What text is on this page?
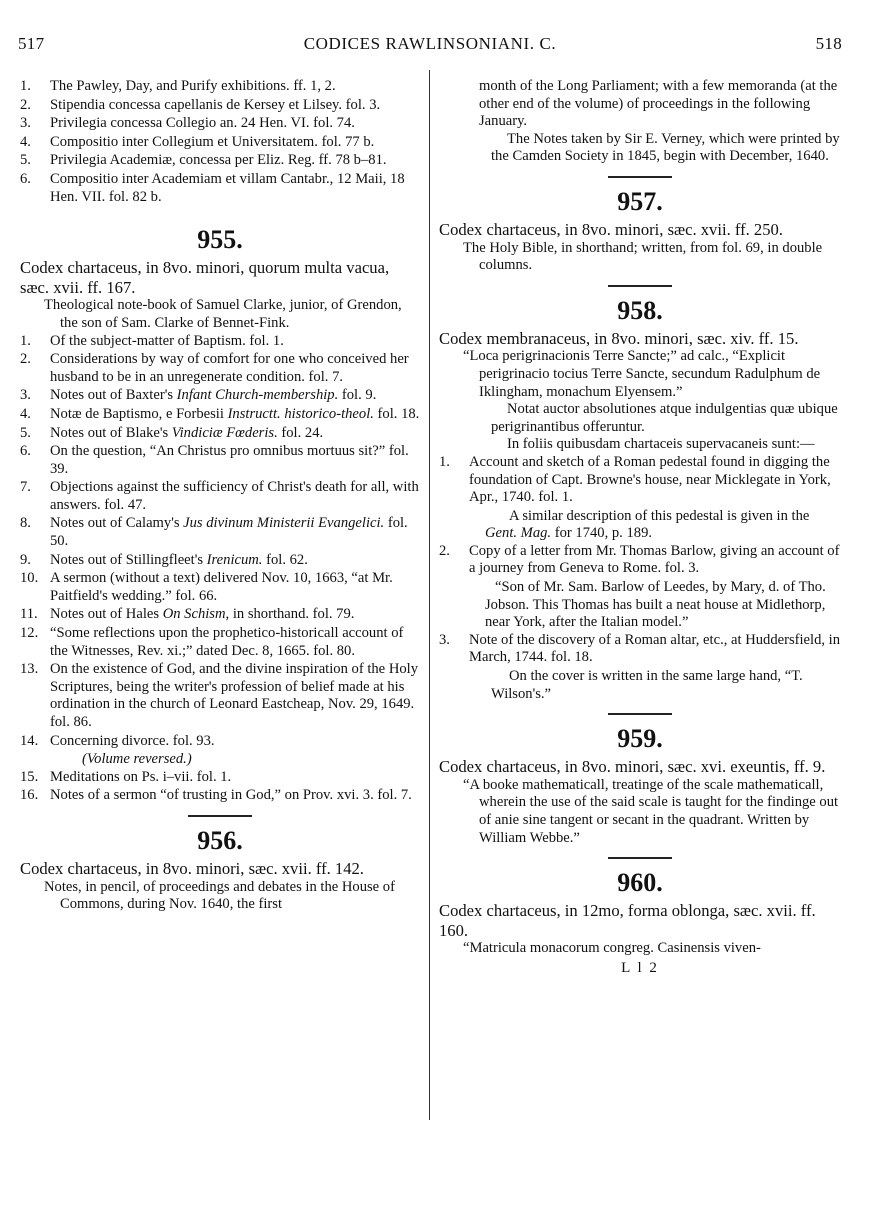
517	CODICES RAWLINSONIANI. C.	518
1.	The Pawley, Day, and Purify exhibitions. ff. 1, 2.
2.	Stipendia concessa capellanis de Kersey et Lilsey. fol. 3.
3.	Privilegia concessa Collegio an. 24 Hen. VI. fol. 74.
4.	Compositio inter Collegium et Universitatem. fol. 77 b.
5.	Privilegia Academiæ, concessa per Eliz. Reg. ff. 78 b–81.
6.	Compositio inter Academiam et villam Cantabr., 12 Maii, 18 Hen. VII. fol. 82 b.
955.
Codex chartaceus, in 8vo. minori, quorum multa vacua, sæc. xvii. ff. 167.
Theological note-book of Samuel Clarke, junior, of Grendon, the son of Sam. Clarke of Bennet-Fink.
1.	Of the subject-matter of Baptism. fol. 1.
2.	Considerations by way of comfort for one who conceived her husband to be in an unregenerate condition. fol. 7.
3.	Notes out of Baxter's Infant Church-membership. fol. 9.
4.	Notæ de Baptismo, e Forbesii Instructt. historico-theol. fol. 18.
5.	Notes out of Blake's Vindiciæ Fœderis. fol. 24.
6.	On the question, “An Christus pro omnibus mortuus sit?” fol. 39.
7.	Objections against the sufficiency of Christ's death for all, with answers. fol. 47.
8.	Notes out of Calamy's Jus divinum Ministerii Evangelici. fol. 50.
9.	Notes out of Stillingfleet's Irenicum. fol. 62.
10. A sermon (without a text) delivered Nov. 10, 1663, “at Mr. Paitfield's wedding.” fol. 66.
11. Notes out of Hales On Schism, in shorthand. fol. 79.
12. “Some reflections upon the prophetico-historicall account of the Witnesses, Rev. xi.;” dated Dec. 8, 1665. fol. 80.
13. On the existence of God, and the divine inspiration of the Holy Scriptures, being the writer's profession of belief made at his ordination in the church of Leonard Eastcheap, Nov. 29, 1649. fol. 86.
14. Concerning divorce. fol. 93.
(Volume reversed.)
15. Meditations on Ps. i–vii. fol. 1.
16. Notes of a sermon “of trusting in God,” on Prov. xvi. 3. fol. 7.
956.
Codex chartaceus, in 8vo. minori, sæc. xvii. ff. 142.
Notes, in pencil, of proceedings and debates in the House of Commons, during Nov. 1640, the first
month of the Long Parliament; with a few memoranda (at the other end of the volume) of proceedings in the following January.
The Notes taken by Sir E. Verney, which were printed by the Camden Society in 1845, begin with December, 1640.
957.
Codex chartaceus, in 8vo. minori, sæc. xvii. ff. 250.
The Holy Bible, in shorthand; written, from fol. 69, in double columns.
958.
Codex membranaceus, in 8vo. minori, sæc. xiv. ff. 15.
“Loca perigrinacionis Terre Sancte;” ad calc., “Explicit perigrinacio tocius Terre Sancte, secundum Radulphum de Iklingham, monachum Elyensem.”
Notat auctor absolutiones atque indulgentias quæ ubique perigrinantibus offeruntur.
In foliis quibusdam chartaceis supervacaneis sunt:—
1.	Account and sketch of a Roman pedestal found in digging the foundation of Capt. Browne's house, near Micklegate in York, Apr., 1740. fol. 1.
A similar description of this pedestal is given in the Gent. Mag. for 1740, p. 189.
2.	Copy of a letter from Mr. Thomas Barlow, giving an account of a journey from Geneva to Rome. fol. 3.
“Son of Mr. Sam. Barlow of Leedes, by Mary, d. of Tho. Jobson. This Thomas has built a neat house at Midlethorp, near York, after the Italian model.”
3.	Note of the discovery of a Roman altar, etc., at Huddersfield, in March, 1744. fol. 18.
On the cover is written in the same large hand, “T. Wilson's.”
959.
Codex chartaceus, in 8vo. minori, sæc. xvi. exeuntis, ff. 9.
“A booke mathematicall, treatinge of the scale mathematicall, wherein the use of the said scale is taught for the findinge out of anie sine tangent or secant in the quadrant. Written by William Webbe.”
960.
Codex chartaceus, in 12mo, forma oblonga, sæc. xvii. ff. 160.
“Matricula monacorum congreg. Casinensis viven-
L l 2
